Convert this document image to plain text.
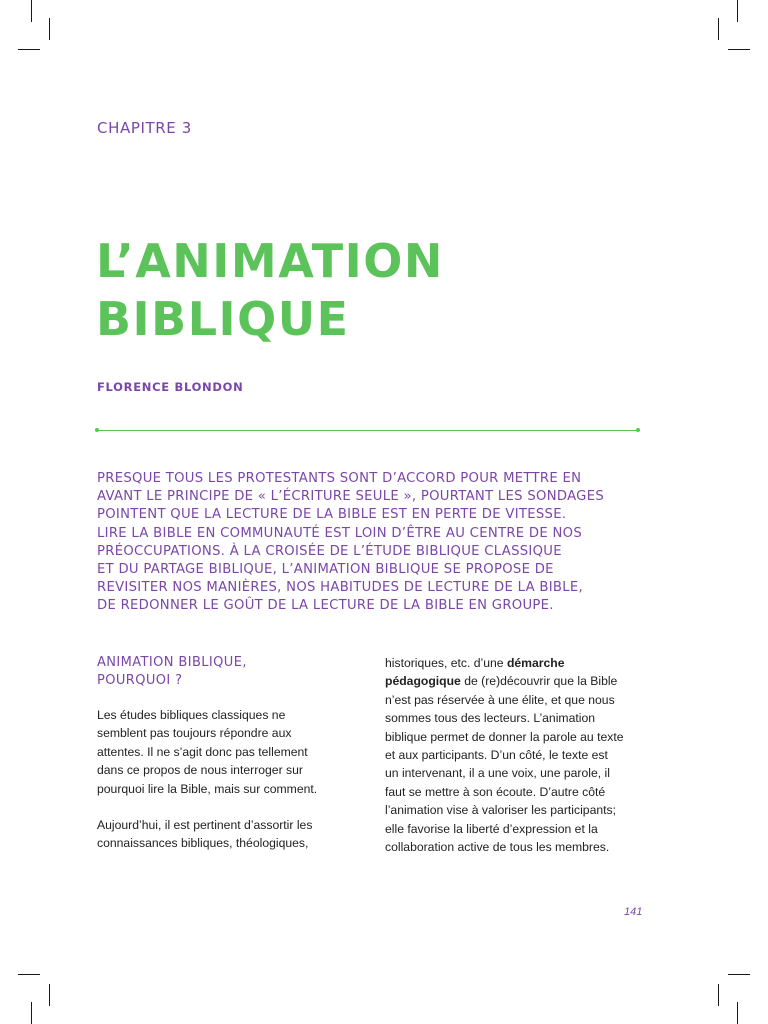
CHAPITRE 3
L’ANIMATION
BIBLIQUE
FLORENCE BLONDON
PRESQUE TOUS LES PROTESTANTS SONT D’ACCORD POUR METTRE EN
AVANT LE PRINCIPE DE « L’ÉCRITURE SEULE », POURTANT LES SONDAGES
POINTENT QUE LA LECTURE DE LA BIBLE EST EN PERTE DE VITESSE.
LIRE LA BIBLE EN COMMUNAUTÉ EST LOIN D’ÊTRE AU CENTRE DE NOS
PRÉOCCUPATIONS. À LA CROISÉE DE L’ÉTUDE BIBLIQUE CLASSIQUE
ET DU PARTAGE BIBLIQUE, L’ANIMATION BIBLIQUE SE PROPOSE DE
REVISITER NOS MANIÈRES, NOS HABITUDES DE LECTURE DE LA BIBLE,
DE REDONNER LE GOÛT DE LA LECTURE DE LA BIBLE EN GROUPE.
ANIMATION BIBLIQUE,
POURQUOI ?
Les études bibliques classiques ne
semblent pas toujours répondre aux
attentes. Il ne s’agit donc pas tellement
dans ce propos de nous interroger sur
pourquoi lire la Bible, mais sur comment.
Aujourd’hui, il est pertinent d’assortir les
connaissances bibliques, théologiques,
historiques, etc. d’une démarche
pédagogique de (re)découvrir que la Bible
n’est pas réservée à une élite, et que nous
sommes tous des lecteurs. L’animation
biblique permet de donner la parole au texte
et aux participants. D’un côté, le texte est
un intervenant, il a une voix, une parole, il
faut se mettre à son écoute. D’autre côté
l’animation vise à valoriser les participants;
elle favorise la liberté d’expression et la
collaboration active de tous les membres.
141
